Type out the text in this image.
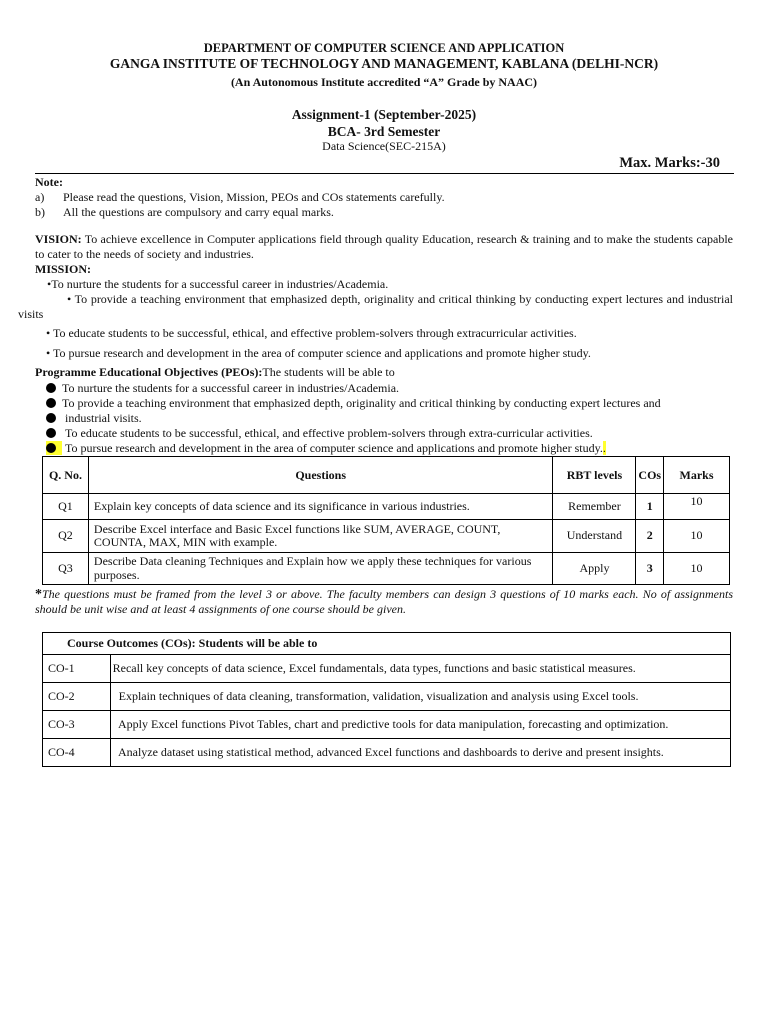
DEPARTMENT OF COMPUTER SCIENCE AND APPLICATION
GANGA INSTITUTE OF TECHNOLOGY AND MANAGEMENT, KABLANA (DELHI-NCR)
(An Autonomous Institute accredited “A” Grade by NAAC)
Assignment-1 (September-2025)
BCA- 3rd Semester
Data Science(SEC-215A)
Max. Marks:-30
Note:
a) Please read the questions, Vision, Mission, PEOs and COs statements carefully.
b) All the questions are compulsory and carry equal marks.
VISION: To achieve excellence in Computer applications field through quality Education, research & training and to make the students capable to cater to the needs of society and industries.
MISSION:
•To nurture the students for a successful career in industries/Academia.
• To provide a teaching environment that emphasized depth, originality and critical thinking by conducting expert lectures and industrial visits
• To educate students to be successful, ethical, and effective problem-solvers through extracurricular activities.
• To pursue research and development in the area of computer science and applications and promote higher study.
Programme Educational Objectives (PEOs):The students will be able to
To nurture the students for a successful career in industries/Academia.
To provide a teaching environment that emphasized depth, originality and critical thinking by conducting expert lectures and
industrial visits.
To educate students to be successful, ethical, and effective problem-solvers through extra-curricular activities.
To pursue research and development in the area of computer science and applications and promote higher study..
Q. No.	Questions	RBT levels	COs	Marks
Q1	Explain key concepts of data science and its significance in various industries.	Remember	1	10
Q2	Describe Excel interface and Basic Excel functions like SUM, AVERAGE, COUNT, COUNTA, MAX, MIN with example.	Understand	2	10
Q3	Describe Data cleaning Techniques and Explain how we apply these techniques for various purposes.	Apply	3	10
*The questions must be framed from the level 3 or above. The faculty members can design 3 questions of 10 marks each. No of assignments should be unit wise and at least 4 assignments of one course should be given.
Course Outcomes (COs): Students will be able to	
CO-1	Recall key concepts of data science, Excel fundamentals, data types, functions and basic statistical measures.
CO-2	Explain techniques of data cleaning, transformation, validation, visualization and analysis using Excel tools.
CO-3	Apply Excel functions Pivot Tables, chart and predictive tools for data manipulation, forecasting and optimization.
CO-4	Analyze dataset using statistical method, advanced Excel functions and dashboards to derive and present insights.
